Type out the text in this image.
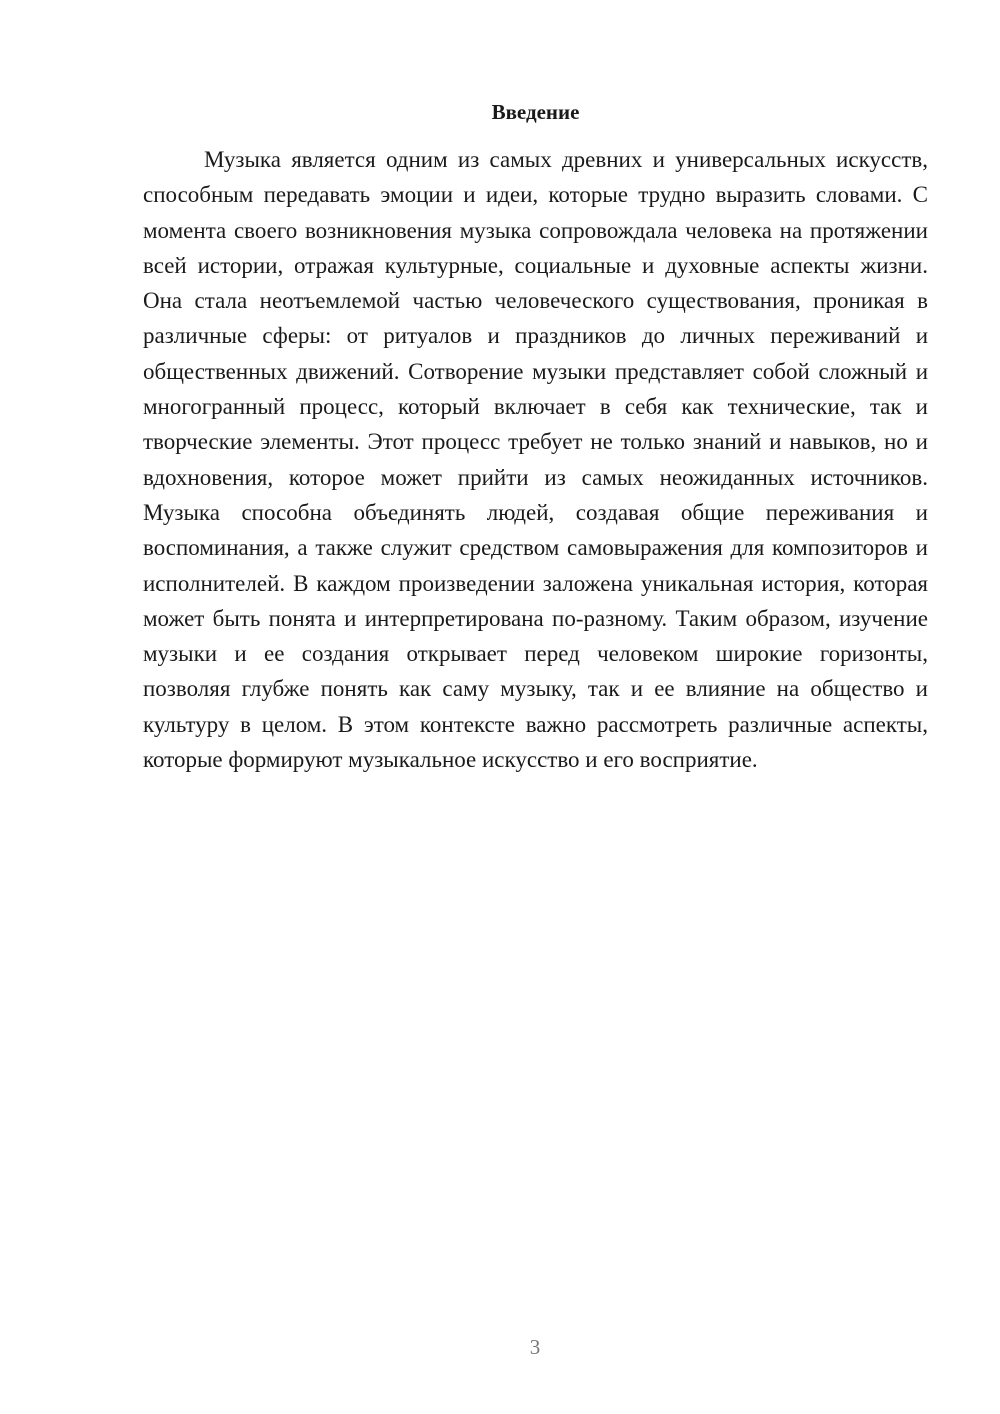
Введение

Музыка является одним из самых древних и универсальных искусств, способным передавать эмоции и идеи, которые трудно выразить словами. С момента своего возникновения музыка сопровождала человека на протяжении всей истории, отражая культурные, социальные и духовные аспекты жизни. Она стала неотъемлемой частью человеческого существования, проникая в различные сферы: от ритуалов и праздников до личных переживаний и общественных движений. Сотворение музыки представляет собой сложный и многогранный процесс, который включает в себя как технические, так и творческие элементы. Этот процесс требует не только знаний и навыков, но и вдохновения, которое может прийти из самых неожиданных источников. Музыка способна объединять людей, создавая общие переживания и воспоминания, а также служит средством самовыражения для композиторов и исполнителей. В каждом произведении заложена уникальная история, которая может быть понята и интерпретирована по-разному. Таким образом, изучение музыки и ее создания открывает перед человеком широкие горизонты, позволяя глубже понять как саму музыку, так и ее влияние на общество и культуру в целом. В этом контексте важно рассмотреть различные аспекты, которые формируют музыкальное искусство и его восприятие.

3
